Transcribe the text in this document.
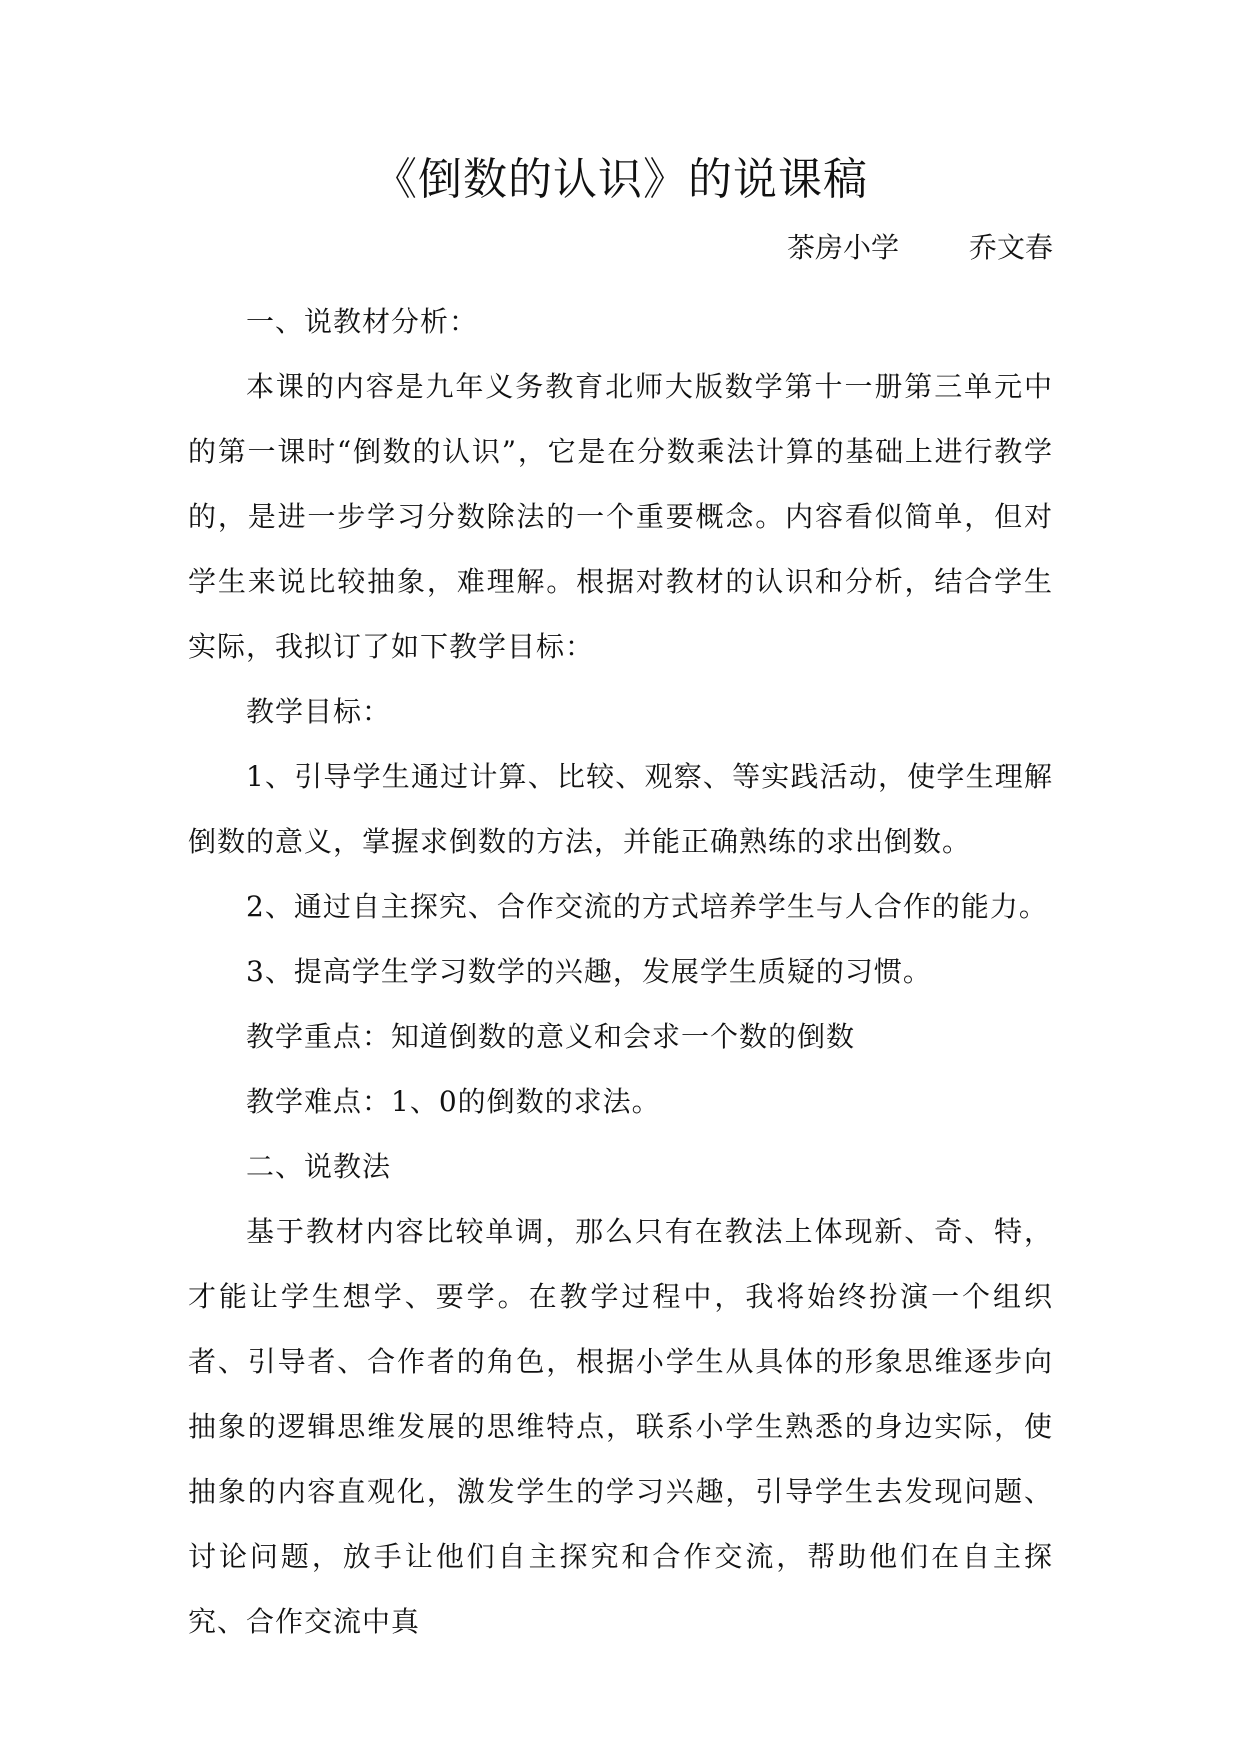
《倒数的认识》的说课稿
茶房小学	乔文春

一、说教材分析：

本课的内容是九年义务教育北师大版数学第十一册第三单元中的第一课时“倒数的认识”，它是在分数乘法计算的基础上进行教学的，是进一步学习分数除法的一个重要概念。内容看似简单，但对学生来说比较抽象，难理解。根据对教材的认识和分析，结合学生实际，我拟订了如下教学目标：

教学目标：

1、引导学生通过计算、比较、观察、等实践活动，使学生理解倒数的意义，掌握求倒数的方法，并能正确熟练的求出倒数。

2、通过自主探究、合作交流的方式培养学生与人合作的能力。

3、提高学生学习数学的兴趣，发展学生质疑的习惯。

教学重点：知道倒数的意义和会求一个数的倒数

教学难点：1、0的倒数的求法。

二、说教法

基于教材内容比较单调，那么只有在教法上体现新、奇、特，才能让学生想学、要学。在教学过程中，我将始终扮演一个组织者、引导者、合作者的角色，根据小学生从具体的形象思维逐步向抽象的逻辑思维发展的思维特点，联系小学生熟悉的身边实际，使抽象的内容直观化，激发学生的学习兴趣，引导学生去发现问题、讨论问题，放手让他们自主探究和合作交流，帮助他们在自主探究、合作交流中真
